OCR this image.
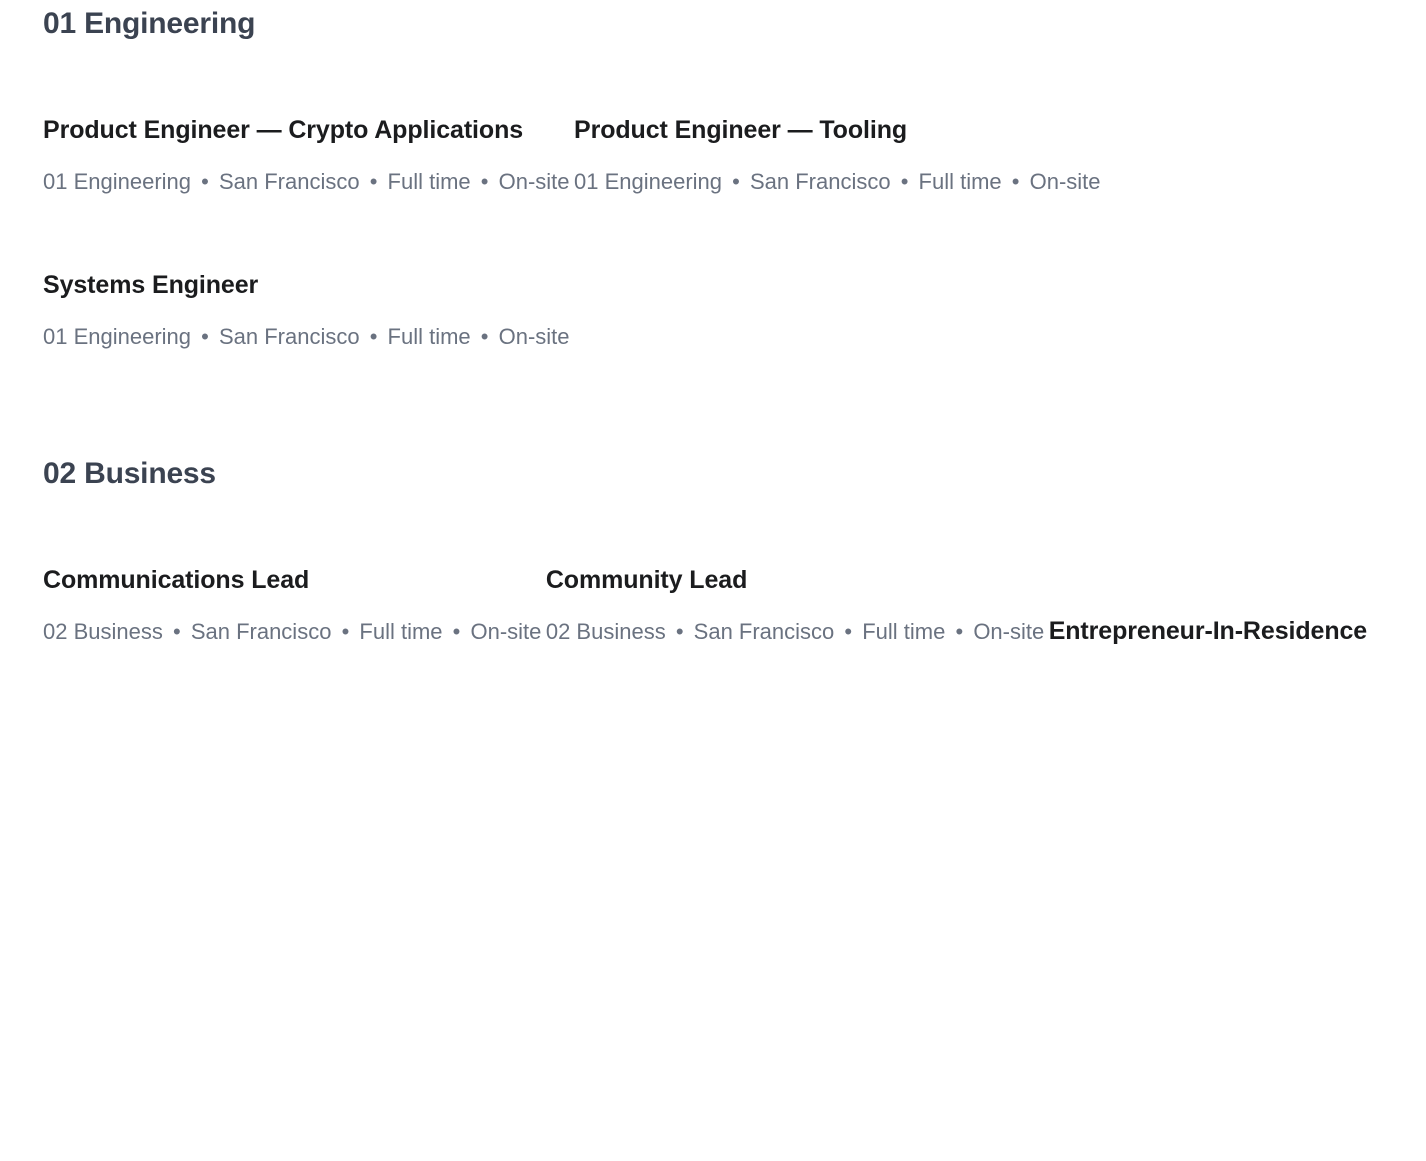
01 Engineering
Product Engineer — Crypto Applications
01 Engineering • San Francisco • Full time • On-site

Product Engineer — Tooling
01 Engineering • San Francisco • Full time • On-site

Systems Engineer
01 Engineering • San Francisco • Full time • On-site
02 Business
Communications Lead
02 Business • San Francisco • Full time • On-site

Community Lead
02 Business • San Francisco • Full time • On-site
Entrepreneur-In-Residence
